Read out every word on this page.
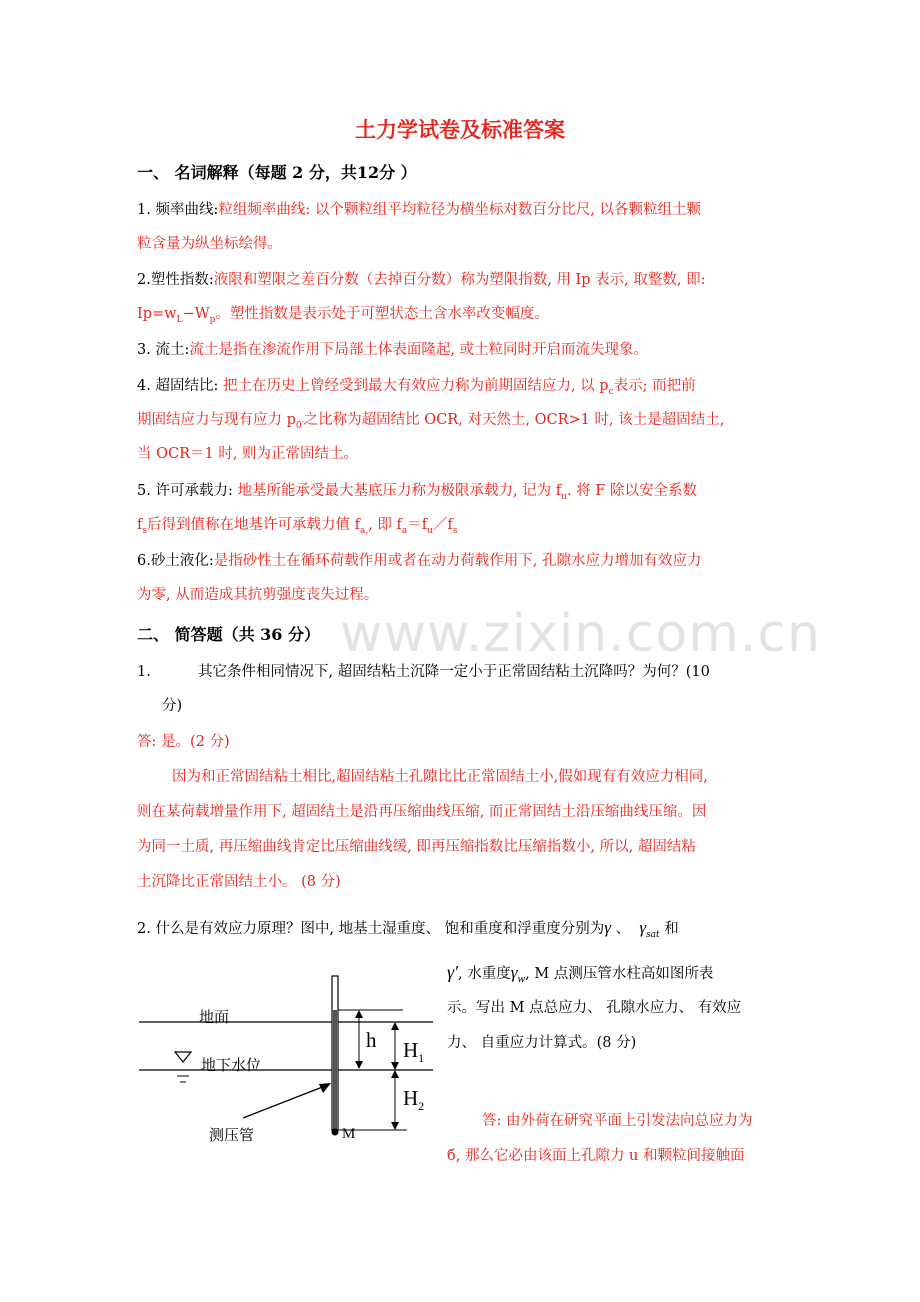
www.zixin.com.cn
土力学试卷及标准答案
一、 名词解释（每题 2 分，共12分 ）
1. 频率曲线:粒组频率曲线: 以个颗粒组平均粒径为横坐标对数百分比尺, 以各颗粒组土颗
粒含量为纵坐标绘得。
2.塑性指数:液限和塑限之差百分数（去掉百分数）称为塑限指数, 用 Ip 表示, 取整数, 即:
$Ip=w_L-W_p$。塑性指数是表示处于可塑状态土含水率改变幅度。
3. 流土:流土是指在渗流作用下局部土体表面隆起, 或土粒同时开启而流失现象。
4. 超固结比: 把土在历史上曾经受到最大有效应力称为前期固结应力, 以 $p_c$表示; 而把前
期固结应力与现有应力 $p_{0'}$之比称为超固结比 OCR, 对天然土, OCR>1 时, 该土是超固结土,
当 OCR＝1 时, 则为正常固结土。
5. 许可承载力: 地基所能承受最大基底压力称为极限承载力, 记为 $f_u$. 将 F 除以安全系数
$f_s$后得到值称在地基许可承载力值 $f_{a,}$, 即 $f_a=f_u/f_s$
6.砂土液化:是指砂性土在循环荷载作用或者在动力荷载作用下, 孔隙水应力增加有效应力
为零, 从而造成其抗剪强度丧失过程。
二、 简答题（共 36 分）
1.	其它条件相同情况下, 超固结粘土沉降一定小于正常固结粘土沉降吗？为何？(10
分)
答: 是。(2 分)
因为和正常固结粘土相比,超固结粘土孔隙比比正常固结土小,假如现有有效应力相同,
则在某荷载增量作用下, 超固结土是沿再压缩曲线压缩, 而正常固结土沿压缩曲线压缩。因
为同一土质, 再压缩曲线肯定比压缩曲线缓, 即再压缩指数比压缩指数小, 所以, 超固结粘
土沉降比正常固结土小。 (8 分)
2. 什么是有效应力原理？图中, 地基土湿重度、 饱和重度和浮重度分别为γ 、 $\gamma_{sat}$ 和
γ′, 水重度$\gamma_w$, M 点测压管水柱高如图所表
示。写出 M 点总应力、 孔隙水应力、 有效应
力、 自重应力计算式。(8 分)
答: 由外荷在研究平面上引发法向总应力为
б, 那么它必由该面上孔隙力 u 和颗粒间接触面
地面
地下水位
测压管	M
h $H_1$
$H_2$
